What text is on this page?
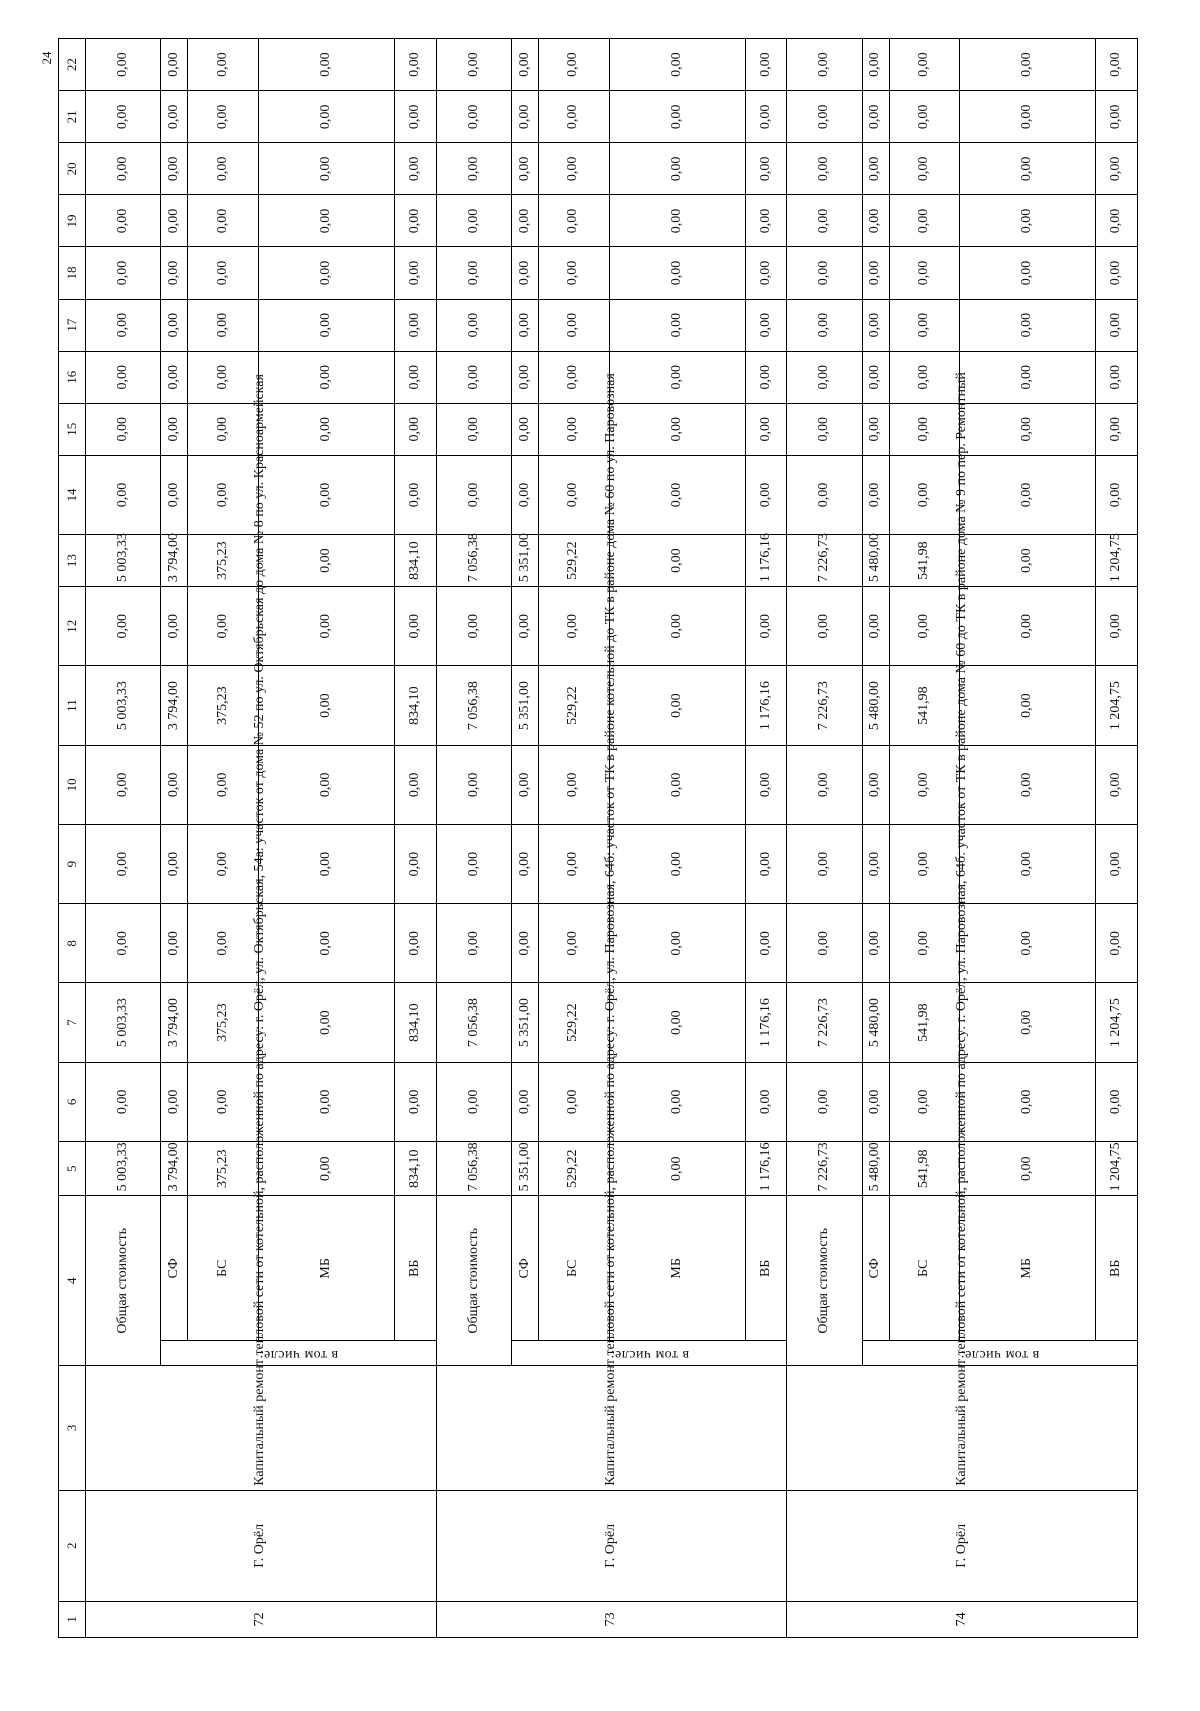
24
1	2	3	4		5	6	7	8	9	10	11	12	13	14	15	16	17	18	19	20	21	22
72	Г. Орёл	Капитальный ремонт тепловой сети от котельной, расположенной по адресу: г. Орёл, ул. Октябрьская, 54а: участок от дома № 52 по ул. Октябрьская до дома № 8 по ул. Красноармейская	Общая стоимость		5 003,33	0,00	5 003,33	0,00	0,00	0,00	5 003,33	0,00	5 003,33	0,00	0,00	0,00	0,00	0,00	0,00	0,00	0,00	0,00
			в том числе:	СФ	3 794,00	0,00	3 794,00	0,00	0,00	0,00	3 794,00	0,00	3 794,00	0,00	0,00	0,00	0,00	0,00	0,00	0,00	0,00	0,00
				БС	375,23	0,00	375,23	0,00	0,00	0,00	375,23	0,00	375,23	0,00	0,00	0,00	0,00	0,00	0,00	0,00	0,00	0,00
				МБ	0,00	0,00	0,00	0,00	0,00	0,00	0,00	0,00	0,00	0,00	0,00	0,00	0,00	0,00	0,00	0,00	0,00	0,00
				ВБ	834,10	0,00	834,10	0,00	0,00	0,00	834,10	0,00	834,10	0,00	0,00	0,00	0,00	0,00	0,00	0,00	0,00	0,00
73	Г. Орёл	Капитальный ремонт тепловой сети от котельной, расположенной по адресу: г. Орёл, ул. Паровозная, 64б: участок от ТК в районе котельной до ТК в районе дома № 60 по ул. Паровозная	Общая стоимость		7 056,38	0,00	7 056,38	0,00	0,00	0,00	7 056,38	0,00	7 056,38	0,00	0,00	0,00	0,00	0,00	0,00	0,00	0,00	0,00
			в том числе:	СФ	5 351,00	0,00	5 351,00	0,00	0,00	0,00	5 351,00	0,00	5 351,00	0,00	0,00	0,00	0,00	0,00	0,00	0,00	0,00	0,00
				БС	529,22	0,00	529,22	0,00	0,00	0,00	529,22	0,00	529,22	0,00	0,00	0,00	0,00	0,00	0,00	0,00	0,00	0,00
				МБ	0,00	0,00	0,00	0,00	0,00	0,00	0,00	0,00	0,00	0,00	0,00	0,00	0,00	0,00	0,00	0,00	0,00	0,00
				ВБ	1 176,16	0,00	1 176,16	0,00	0,00	0,00	1 176,16	0,00	1 176,16	0,00	0,00	0,00	0,00	0,00	0,00	0,00	0,00	0,00
74	Г. Орёл	Капитальный ремонт тепловой сети от котельной, расположенной по адресу: г. Орёл, ул. Паровозная, 64б: участок от ТК в районе дома № 60 до ТК в районе дома № 9 по пер. Ремонтный	Общая стоимость		7 226,73	0,00	7 226,73	0,00	0,00	0,00	7 226,73	0,00	7 226,73	0,00	0,00	0,00	0,00	0,00	0,00	0,00	0,00	0,00
			в том числе:	СФ	5 480,00	0,00	5 480,00	0,00	0,00	0,00	5 480,00	0,00	5 480,00	0,00	0,00	0,00	0,00	0,00	0,00	0,00	0,00	0,00
				БС	541,98	0,00	541,98	0,00	0,00	0,00	541,98	0,00	541,98	0,00	0,00	0,00	0,00	0,00	0,00	0,00	0,00	0,00
				МБ	0,00	0,00	0,00	0,00	0,00	0,00	0,00	0,00	0,00	0,00	0,00	0,00	0,00	0,00	0,00	0,00	0,00	0,00
				ВБ	1 204,75	0,00	1 204,75	0,00	0,00	0,00	1 204,75	0,00	1 204,75	0,00	0,00	0,00	0,00	0,00	0,00	0,00	0,00	0,00
